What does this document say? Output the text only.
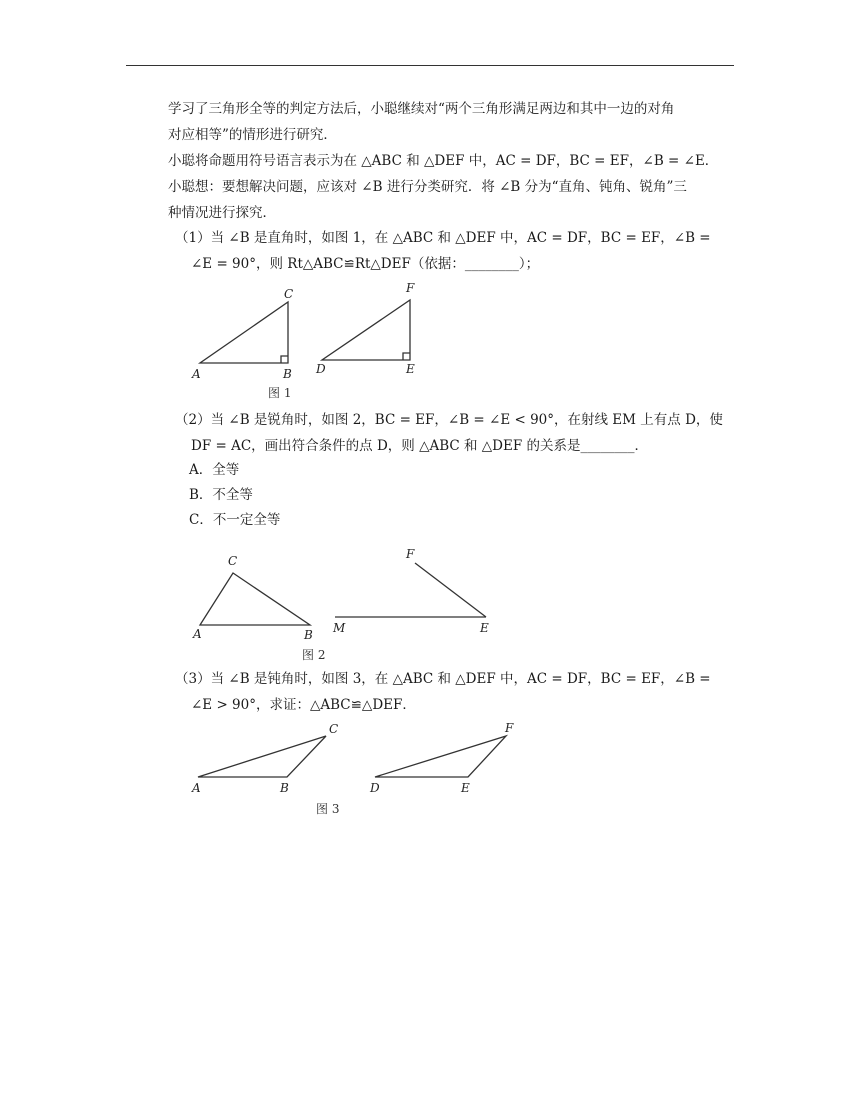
学习了三角形全等的判定方法后，小聪继续对“两个三角形满足两边和其中一边的对角
对应相等”的情形进行研究．
小聪将命题用符号语言表示为在 △ABC 和 △DEF 中，AC = DF，BC = EF，∠B = ∠E．
小聪想：要想解决问题，应该对 ∠B 进行分类研究．将 ∠B 分为“直角、钝角、锐角”三
种情况进行探究．
（1）当 ∠B 是直角时，如图 1，在 △ABC 和 △DEF 中，AC = DF，BC = EF，∠B =
∠E = 90°，则 Rt△ABC≌Rt△DEF（依据：________）；
A	B
C
D	E
F
图 1
（2）当 ∠B 是锐角时，如图 2，BC = EF，∠B = ∠E < 90°，在射线 EM 上有点 D，使
DF = AC，画出符合条件的点 D，则 △ABC 和 △DEF 的关系是________．
A．全等
B．不全等
C．不一定全等
A	B
C
M	E
F
图 2
（3）当 ∠B 是钝角时，如图 3，在 △ABC 和 △DEF 中，AC = DF，BC = EF，∠B =
∠E > 90°，求证：△ABC≌△DEF．
A	B
C
D	E
F
图 3
